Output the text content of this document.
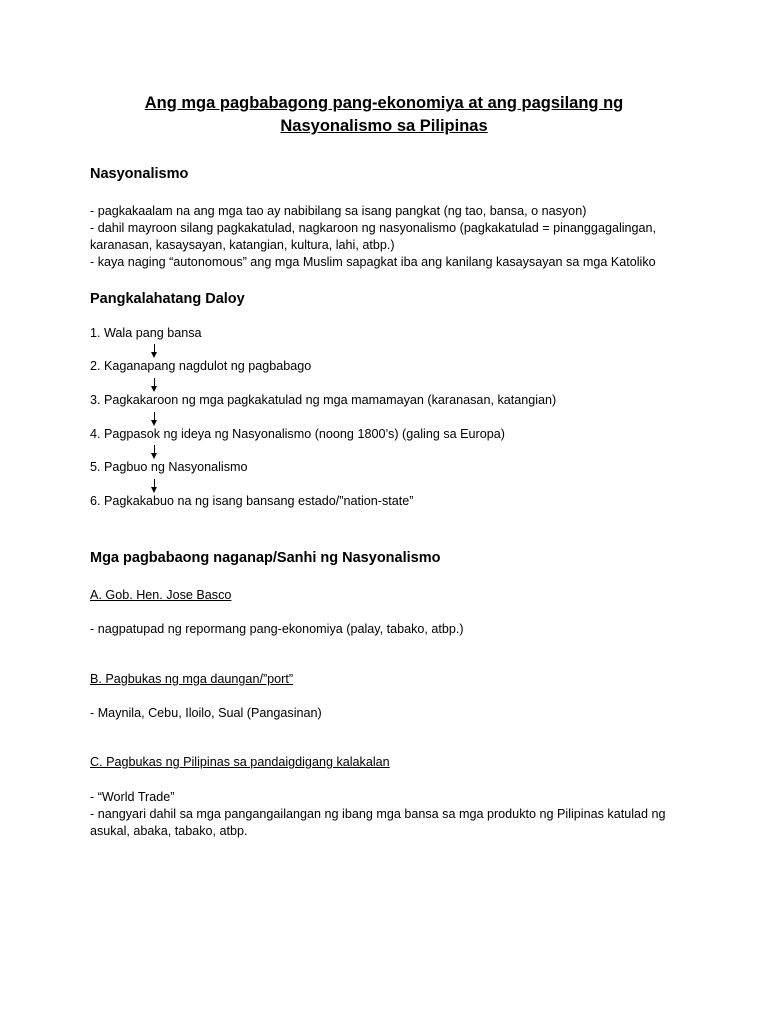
Ang mga pagbabagong pang-ekonomiya at ang pagsilang ng
Nasyonalismo sa Pilipinas
Nasyonalismo
- pagkakaalam na ang mga tao ay nabibilang sa isang pangkat (ng tao, bansa, o nasyon)
- dahil mayroon silang pagkakatulad, nagkaroon ng nasyonalismo (pagkakatulad = pinanggagalingan,
karanasan, kasaysayan, katangian, kultura, lahi, atbp.)
- kaya naging “autonomous” ang mga Muslim sapagkat iba ang kanilang kasaysayan sa mga Katoliko
Pangkalahatang Daloy
1. Wala pang bansa
2. Kaganapang nagdulot ng pagbabago
3. Pagkakaroon ng mga pagkakatulad ng mga mamamayan (karanasan, katangian)
4. Pagpasok ng ideya ng Nasyonalismo (noong 1800’s) (galing sa Europa)
5. Pagbuo ng Nasyonalismo
6. Pagkakabuo na ng isang bansang estado/”nation-state”
Mga pagbabaong naganap/Sanhi ng Nasyonalismo
A. Gob. Hen. Jose Basco
- nagpatupad ng repormang pang-ekonomiya (palay, tabako, atbp.)
B. Pagbukas ng mga daungan/”port”
- Maynila, Cebu, Iloilo, Sual (Pangasinan)
C. Pagbukas ng Pilipinas sa pandaigdigang kalakalan
- “World Trade”
- nangyari dahil sa mga pangangailangan ng ibang mga bansa sa mga produkto ng Pilipinas katulad ng
asukal, abaka, tabako, atbp.
